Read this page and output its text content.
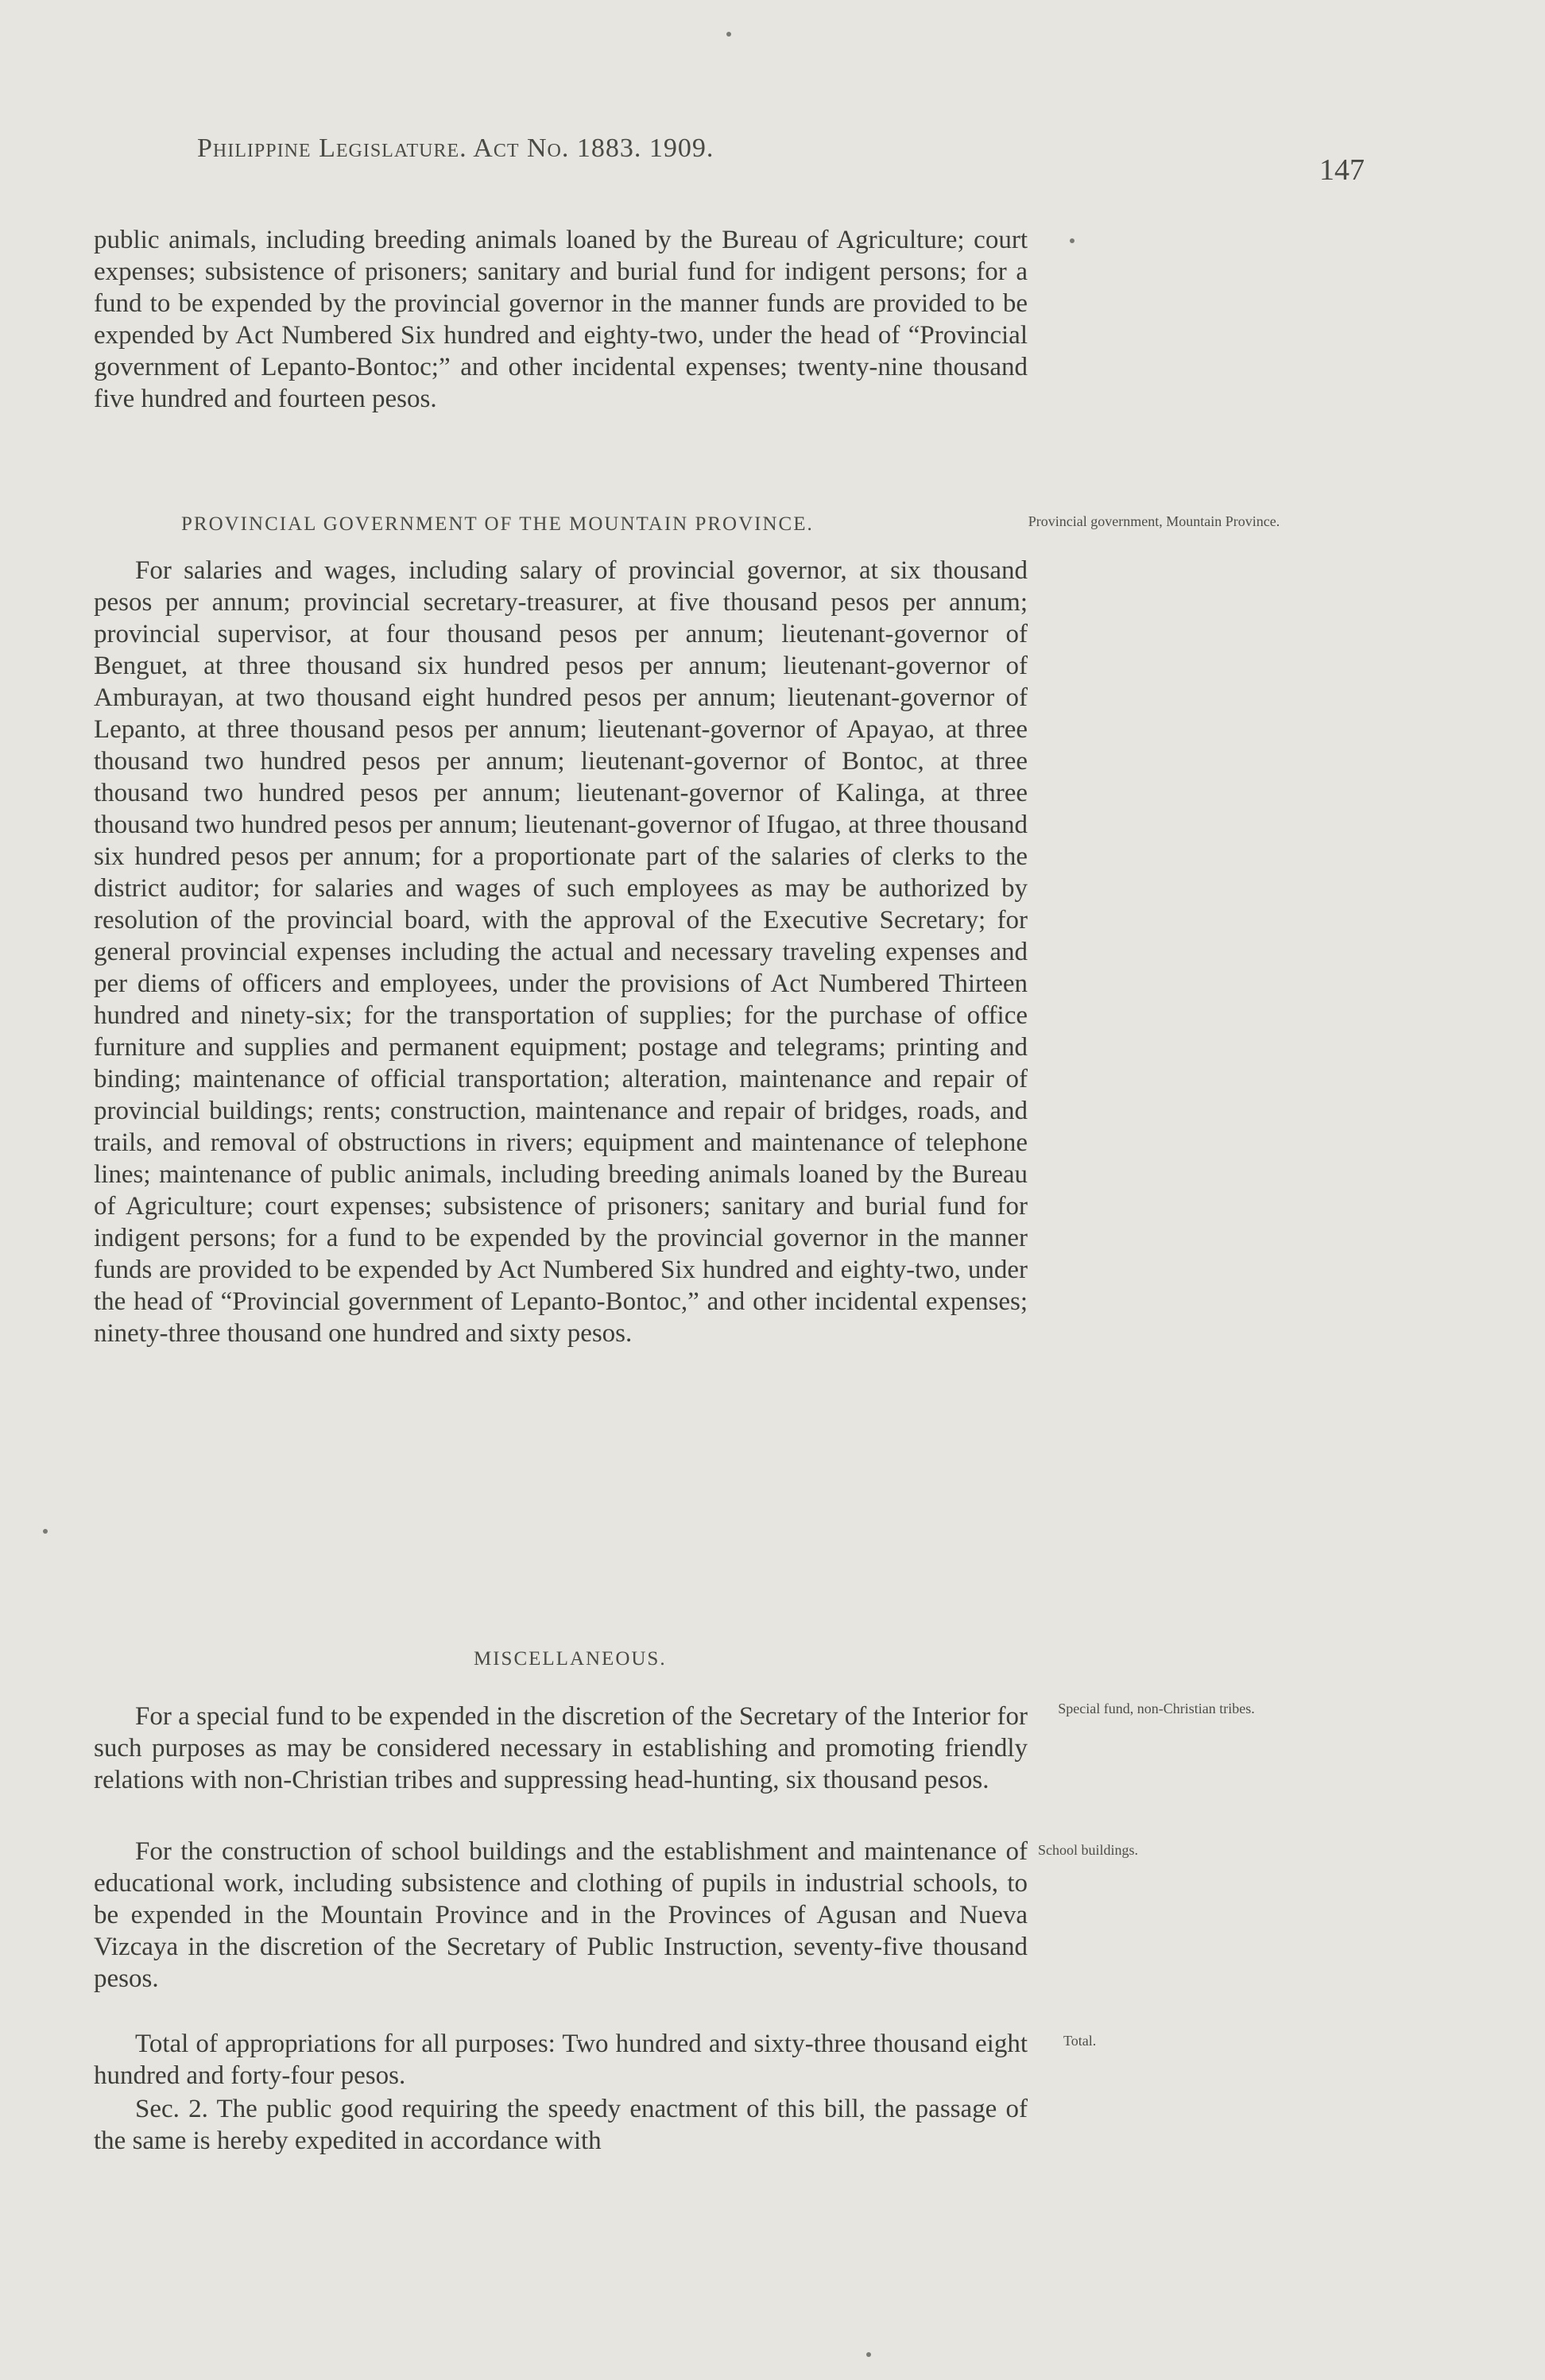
Philippine Legislature. Act No. 1883. 1909.
147

public animals, including breeding animals loaned by the Bureau of Agriculture; court expenses; subsistence of prisoners; sanitary and burial fund for indigent persons; for a fund to be expended by the provincial governor in the manner funds are provided to be expended by Act Numbered Six hundred and eighty-two, under the head of “Provincial government of Lepanto-Bontoc;” and other incidental expenses; twenty-nine thousand five hundred and fourteen pesos.

PROVINCIAL GOVERNMENT OF THE MOUNTAIN PROVINCE.	Provincial government, Mountain Province.

For salaries and wages, including salary of provincial governor, at six thousand pesos per annum; provincial secretary-treasurer, at five thousand pesos per annum; provincial supervisor, at four thousand pesos per annum; lieutenant-governor of Benguet, at three thousand six hundred pesos per annum; lieutenant-governor of Amburayan, at two thousand eight hundred pesos per annum; lieutenant-governor of Lepanto, at three thousand pesos per annum; lieutenant-governor of Apayao, at three thousand two hundred pesos per annum; lieutenant-governor of Bontoc, at three thousand two hundred pesos per annum; lieutenant-governor of Kalinga, at three thousand two hundred pesos per annum; lieutenant-governor of Ifugao, at three thousand six hundred pesos per annum; for a proportionate part of the salaries of clerks to the district auditor; for salaries and wages of such employees as may be authorized by resolution of the provincial board, with the approval of the Executive Secretary; for general provincial expenses including the actual and necessary traveling expenses and per diems of officers and employees, under the provisions of Act Numbered Thirteen hundred and ninety-six; for the transportation of supplies; for the purchase of office furniture and supplies and permanent equipment; postage and telegrams; printing and binding; maintenance of official transportation; alteration, maintenance and repair of provincial buildings; rents; construction, maintenance and repair of bridges, roads, and trails, and removal of obstructions in rivers; equipment and maintenance of telephone lines; maintenance of public animals, including breeding animals loaned by the Bureau of Agriculture; court expenses; subsistence of prisoners; sanitary and burial fund for indigent persons; for a fund to be expended by the provincial governor in the manner funds are provided to be expended by Act Numbered Six hundred and eighty-two, under the head of “Provincial government of Lepanto-Bontoc,” and other incidental expenses; ninety-three thousand one hundred and sixty pesos.

MISCELLANEOUS.
Special fund, non-Christian tribes.

For a special fund to be expended in the discretion of the Secretary of the Interior for such purposes as may be considered necessary in establishing and promoting friendly relations with non-Christian tribes and suppressing head-hunting, six thousand pesos.

School buildings.

For the construction of school buildings and the establishment and maintenance of educational work, including subsistence and clothing of pupils in industrial schools, to be expended in the Mountain Province and in the Provinces of Agusan and Nueva Vizcaya in the discretion of the Secretary of Public Instruction, seventy-five thousand pesos.

Total.

Total of appropriations for all purposes: Two hundred and sixty-three thousand eight hundred and forty-four pesos.

Sec. 2. The public good requiring the speedy enactment of this bill, the passage of the same is hereby expedited in accordance with
